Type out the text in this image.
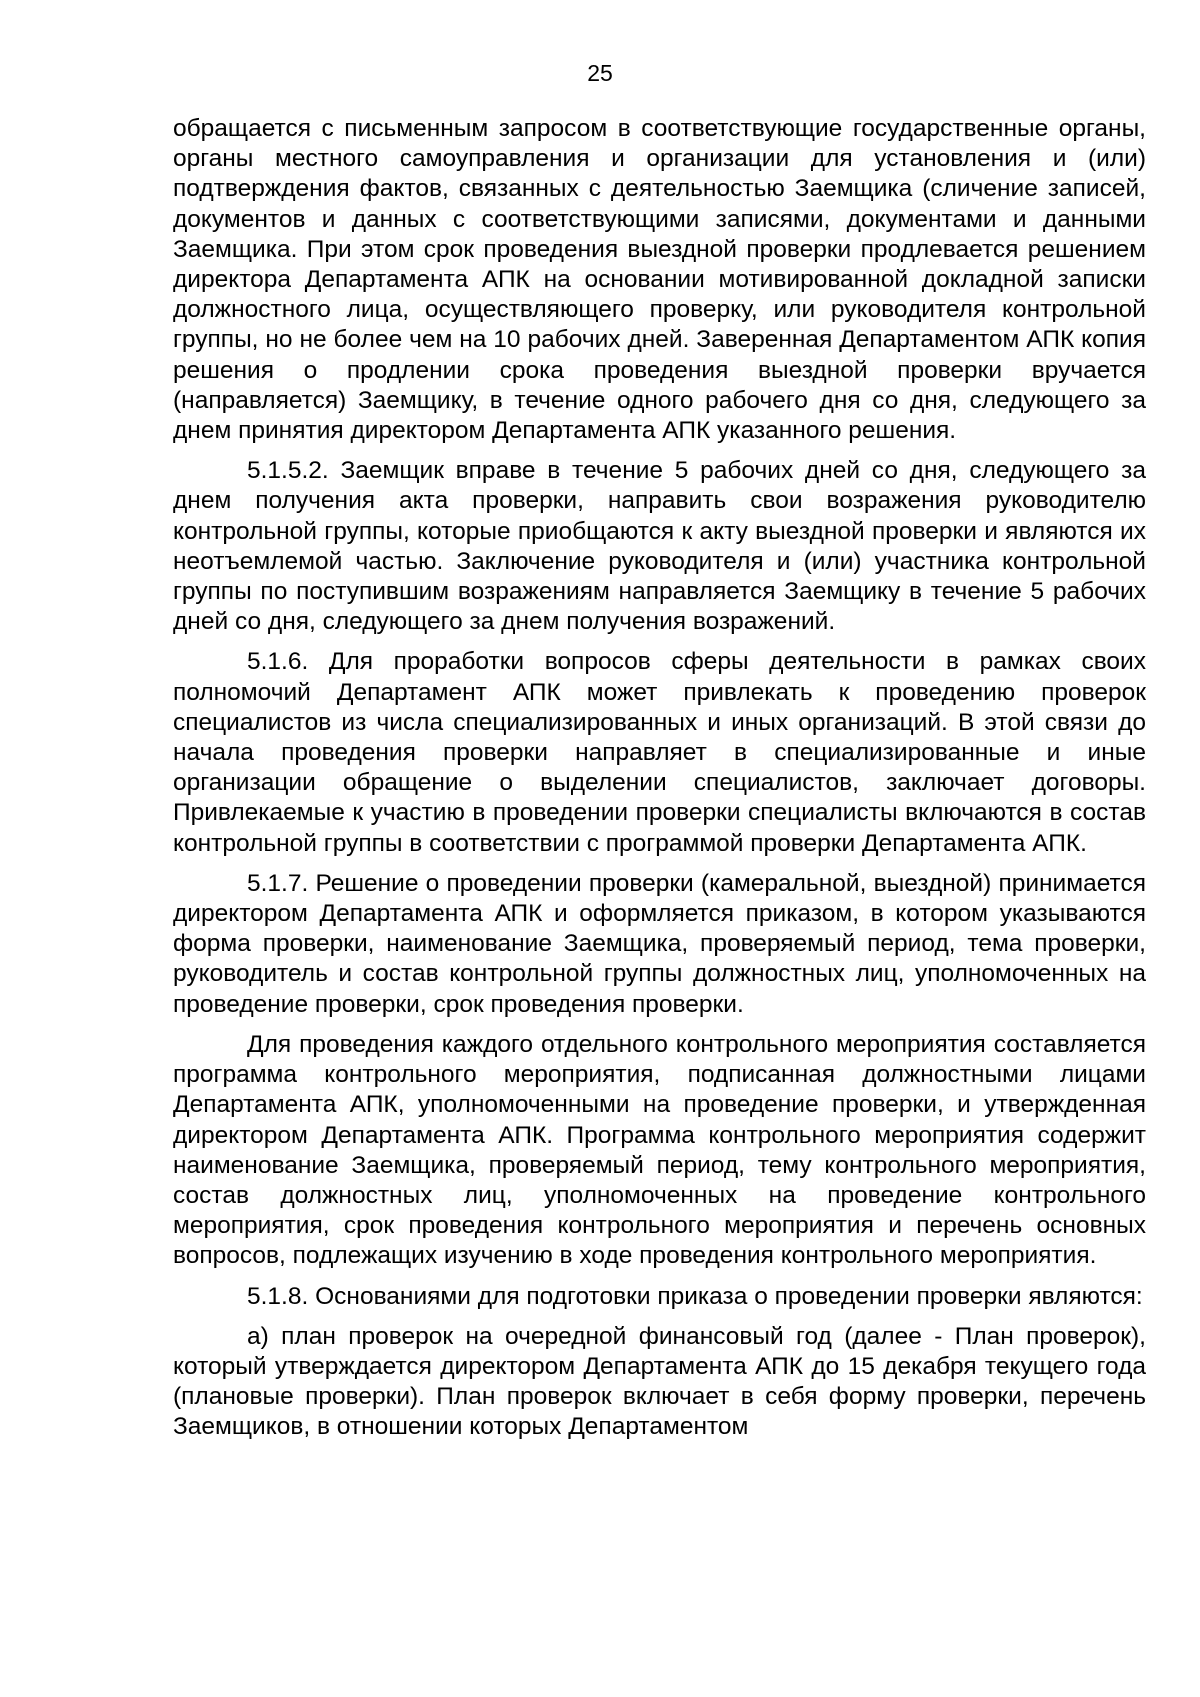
25

обращается с письменным запросом в соответствующие государственные органы, органы местного самоуправления и организации для установления и (или) подтверждения фактов, связанных с деятельностью Заемщика (сличение записей, документов и данных с соответствующими записями, документами и данными Заемщика. При этом срок проведения выездной проверки продлевается решением директора Департамента АПК на основании мотивированной докладной записки должностного лица, осуществляющего проверку, или руководителя контрольной группы, но не более чем на 10 рабочих дней. Заверенная Департаментом АПК копия решения о продлении срока проведения выездной проверки вручается (направляется) Заемщику, в течение одного рабочего дня со дня, следующего за днем принятия директором Департамента АПК указанного решения.

5.1.5.2. Заемщик вправе в течение 5 рабочих дней со дня, следующего за днем получения акта проверки, направить свои возражения руководителю контрольной группы, которые приобщаются к акту выездной проверки и являются их неотъемлемой частью. Заключение руководителя и (или) участника контрольной группы по поступившим возражениям направляется Заемщику в течение 5 рабочих дней со дня, следующего за днем получения возражений.

5.1.6. Для проработки вопросов сферы деятельности в рамках своих полномочий Департамент АПК может привлекать к проведению проверок специалистов из числа специализированных и иных организаций. В этой связи до начала проведения проверки направляет в специализированные и иные организации обращение о выделении специалистов, заключает договоры. Привлекаемые к участию в проведении проверки специалисты включаются в состав контрольной группы в соответствии с программой проверки Департамента АПК.

5.1.7. Решение о проведении проверки (камеральной, выездной) принимается директором Департамента АПК и оформляется приказом, в котором указываются форма проверки, наименование Заемщика, проверяемый период, тема проверки, руководитель и состав контрольной группы должностных лиц, уполномоченных на проведение проверки, срок проведения проверки.

Для проведения каждого отдельного контрольного мероприятия составляется программа контрольного мероприятия, подписанная должностными лицами Департамента АПК, уполномоченными на проведение проверки, и утвержденная директором Департамента АПК. Программа контрольного мероприятия содержит наименование Заемщика, проверяемый период, тему контрольного мероприятия, состав должностных лиц, уполномоченных на проведение контрольного мероприятия, срок проведения контрольного мероприятия и перечень основных вопросов, подлежащих изучению в ходе проведения контрольного мероприятия.

5.1.8. Основаниями для подготовки приказа о проведении проверки являются:

а) план проверок на очередной финансовый год (далее - План проверок), который утверждается директором Департамента АПК до 15 декабря текущего года (плановые проверки). План проверок включает в себя форму проверки, перечень Заемщиков, в отношении которых Департаментом
